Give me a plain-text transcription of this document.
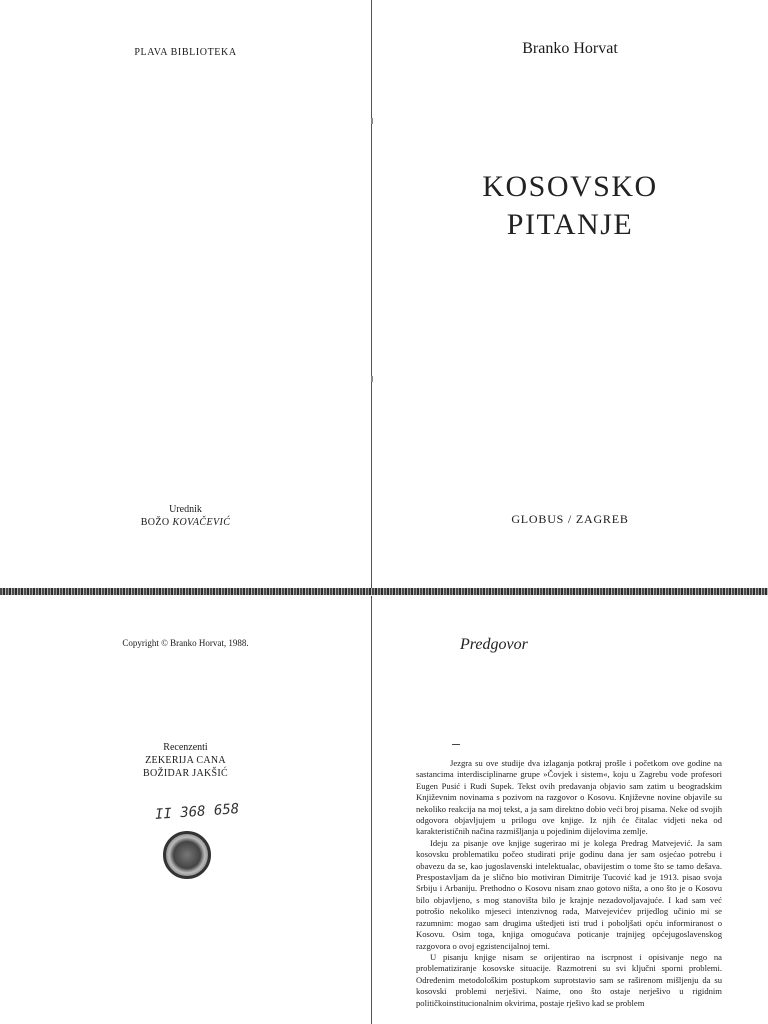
PLAVA BIBLIOTEKA
Urednik
BOŽO KOVAČEVIĆ
Branko Horvat
KOSOVSKO
PITANJE
GLOBUS / ZAGREB
Copyright © Branko Horvat, 1988.
Recenzenti
ZEKERIJA CANA
BOŽIDAR JAKŠIĆ
II 368 658
Predgovor

Jezgra su ove studije dva izlaganja potkraj prošle i početkom ove godine na sastancima interdisciplinarne grupe »Čovjek i sistem«, koju u Zagrebu vode profesori Eugen Pusić i Rudi Supek. Tekst ovih predavanja objavio sam zatim u beogradskim Književnim novinama s pozivom na razgovor o Kosovu. Književne novine objavile su nekoliko reakcija na moj tekst, a ja sam direktno dobio veći broj pisama. Neke od svojih odgovora objavljujem u prilogu ove knjige. Iz njih će čitalac vidjeti neka od karakterističnih načina razmišljanja u pojedinim dijelovima zemlje.

Ideju za pisanje ove knjige sugerirao mi je kolega Predrag Matvejević. Ja sam kosovsku problematiku počeo studirati prije godinu dana jer sam osjećao potrebu i obavezu da se, kao jugoslavenski intelektualac, obavijestim o tome što se tamo dešava. Prespostavljam da je slično bio motiviran Dimitrije Tucović kad je 1913. pisao svoja Srbiju i Arbaniju. Prethodno o Kosovu nisam znao gotovo ništa, a ono što je o Kosovu bilo objavljeno, s mog stanovišta bilo je krajnje nezadovoljavajuće. I kad sam već potrošio nekoliko mjeseci intenzivnog rada, Matvejevićev prijedlog učinio mi se razumnim: mogao sam drugima uštedjeti isti trud i poboljšati opću informiranost o Kosovu. Osim toga, knjiga omogućava poticanje trajnijeg općejugoslavenskog razgovora o ovoj egzistencijalnoj temi.

U pisanju knjige nisam se orijentirao na iscrpnost i opisivanje nego na problematiziranje kosovske situacije. Razmotreni su svi ključni sporni problemi. Određenim metodološkim postupkom suprotstavio sam se raširenom mišljenju da su kosovski problemi nerješivi. Naime, ono što ostaje nerješivo u rigidnim političkoinstitucionalnim okvirima, postaje rješivo kad se problem
